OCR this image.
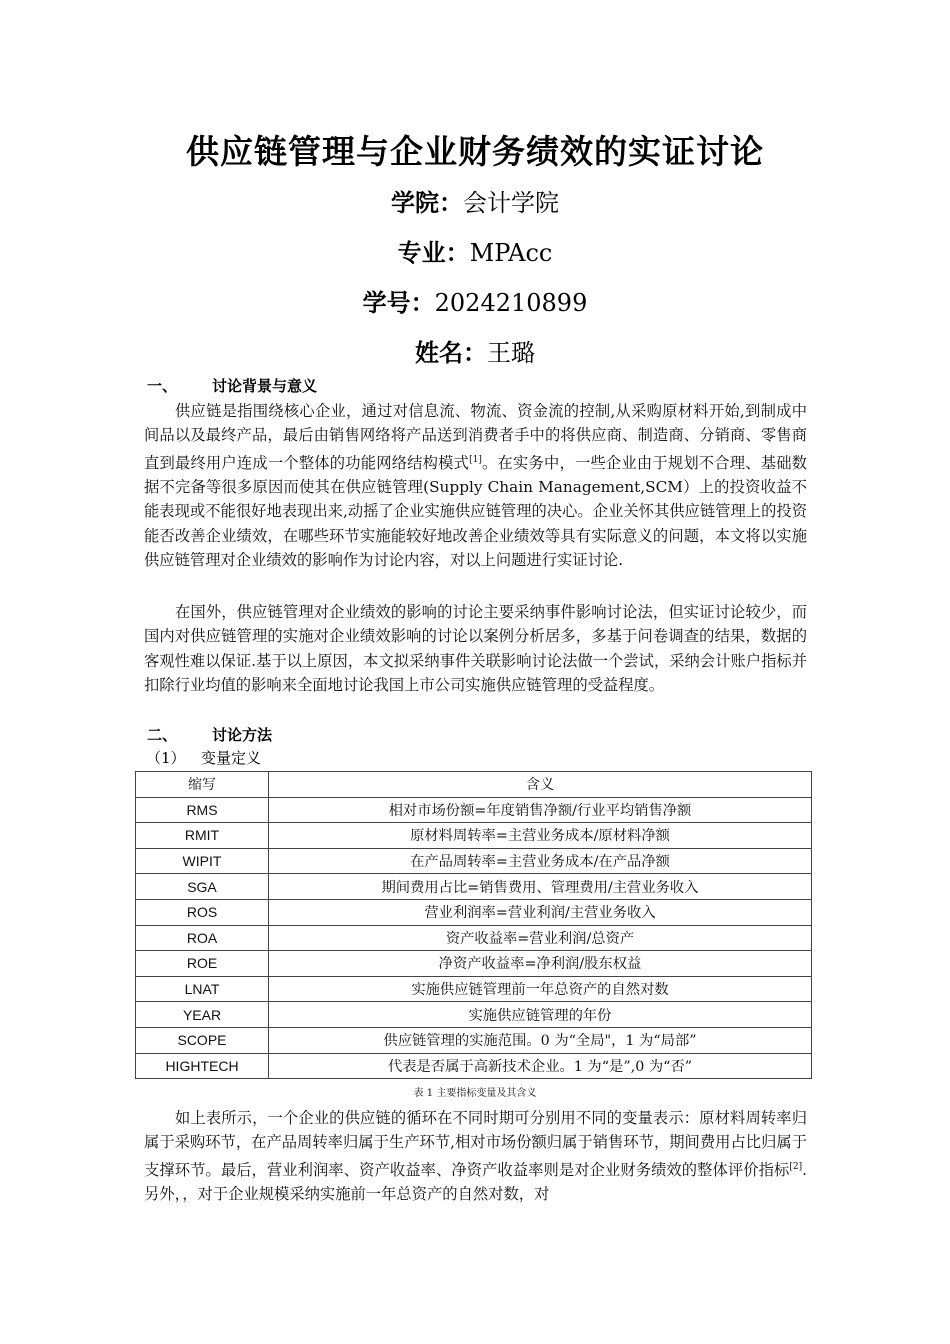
供应链管理与企业财务绩效的实证讨论
学院：会计学院
专业：MPAcc
学号：2024210899
姓名：王璐
一、 讨论背景与意义

供应链是指围绕核心企业，通过对信息流、物流、资金流的控制,从采购原材料开始,到制成中间品以及最终产品，最后由销售网络将产品送到消费者手中的将供应商、制造商、分销商、零售商直到最终用户连成一个整体的功能网络结构模式[1]。在实务中，一些企业由于规划不合理、基础数据不完备等很多原因而使其在供应链管理(Supply Chain Management,SCM）上的投资收益不能表现或不能很好地表现出来,动摇了企业实施供应链管理的决心。企业关怀其供应链管理上的投资能否改善企业绩效，在哪些环节实施能较好地改善企业绩效等具有实际意义的问题，本文将以实施供应链管理对企业绩效的影响作为讨论内容，对以上问题进行实证讨论.

在国外，供应链管理对企业绩效的影响的讨论主要采纳事件影响讨论法，但实证讨论较少，而国内对供应链管理的实施对企业绩效影响的讨论以案例分析居多，多基于问卷调查的结果，数据的客观性难以保证.基于以上原因，本文拟采纳事件关联影响讨论法做一个尝试，采纳会计账户指标并扣除行业均值的影响来全面地讨论我国上市公司实施供应链管理的受益程度。

二、 讨论方法
（1） 变量定义
缩写	含义
RMS	相对市场份额=年度销售净额/行业平均销售净额
RMIT	原材料周转率=主营业务成本/原材料净额
WIPIT	在产品周转率=主营业务成本/在产品净额
SGA	期间费用占比=销售费用、管理费用/主营业务收入
ROS	营业利润率=营业利润/主营业务收入
ROA	资产收益率=营业利润/总资产
ROE	净资产收益率=净利润/股东权益
LNAT	实施供应链管理前一年总资产的自然对数
YEAR	实施供应链管理的年份
SCOPE	供应链管理的实施范围。0 为“全局"，1 为“局部”
HIGHTECH	代表是否属于高新技术企业。1 为“是”,0 为“否”
表 1 主要指标变量及其含义

如上表所示，一个企业的供应链的循环在不同时期可分别用不同的变量表示：原材料周转率归属于采购环节，在产品周转率归属于生产环节,相对市场份额归属于销售环节，期间费用占比归属于支撑环节。最后，营业利润率、资产收益率、净资产收益率则是对企业财务绩效的整体评价指标[2].另外，，对于企业规模采纳实施前一年总资产的自然对数，对
